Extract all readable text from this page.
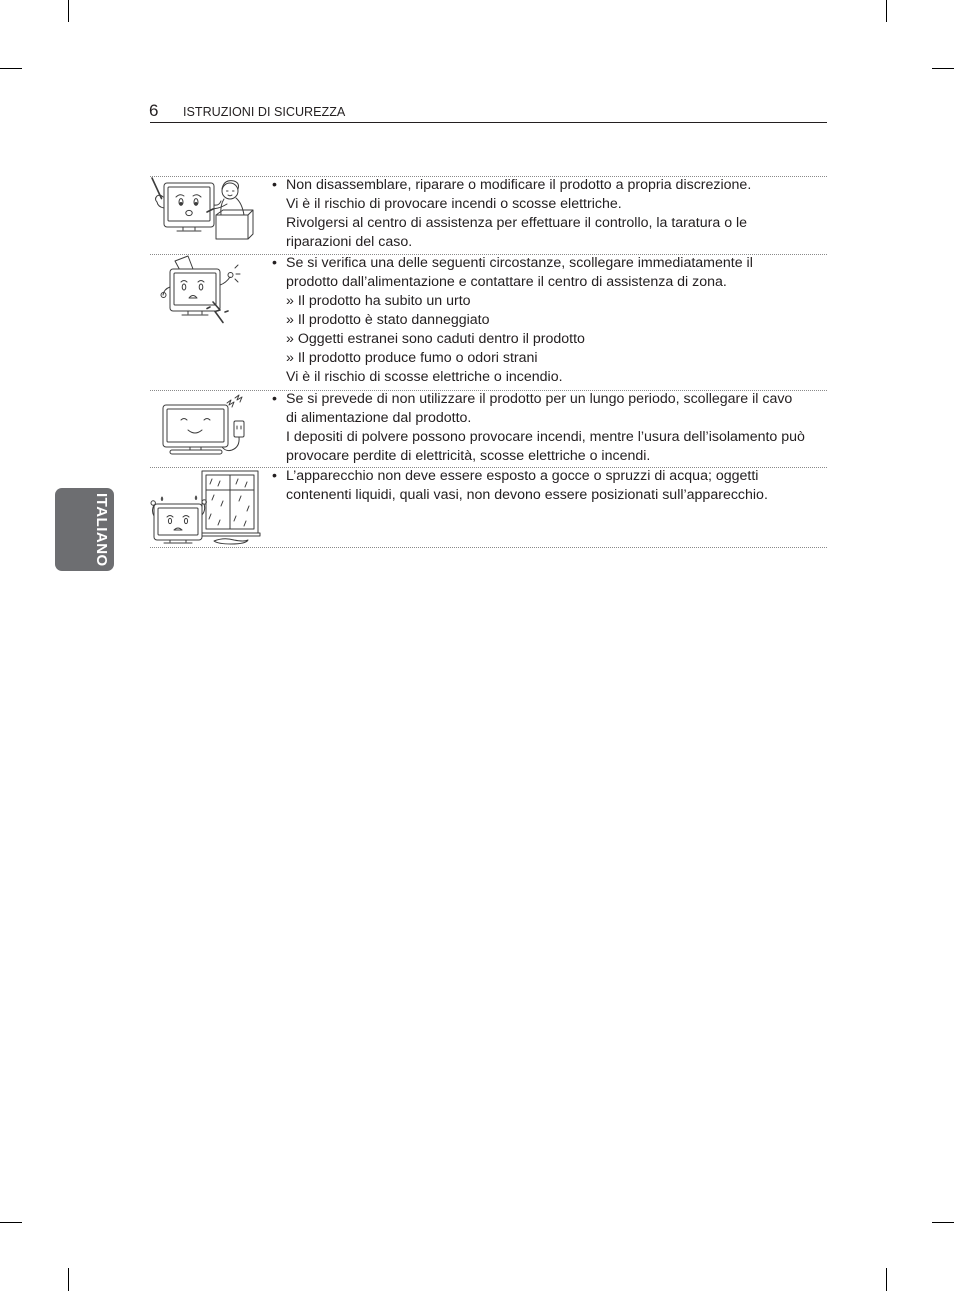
6 ISTRUZIONI DI SICUREZZA
ITALIANO
• Non disassemblare, riparare o modificare il prodotto a propria discrezione.
Vi è il rischio di provocare incendi o scosse elettriche.
Rivolgersi al centro di assistenza per effettuare il controllo, la taratura o le
riparazioni del caso.
• Se si verifica una delle seguenti circostanze, scollegare immediatamente il
prodotto dall’alimentazione e contattare il centro di assistenza di zona.
» Il prodotto ha subito un urto
» Il prodotto è stato danneggiato
» Oggetti estranei sono caduti dentro il prodotto
» Il prodotto produce fumo o odori strani
Vi è il rischio di scosse elettriche o incendio.
• Se si prevede di non utilizzare il prodotto per un lungo periodo, scollegare il cavo
di alimentazione dal prodotto.
I depositi di polvere possono provocare incendi, mentre l’usura dell’isolamento può
provocare perdite di elettricità, scosse elettriche o incendi.
• L’apparecchio non deve essere esposto a gocce o spruzzi di acqua; oggetti
contenenti liquidi, quali vasi, non devono essere posizionati sull’apparecchio.
